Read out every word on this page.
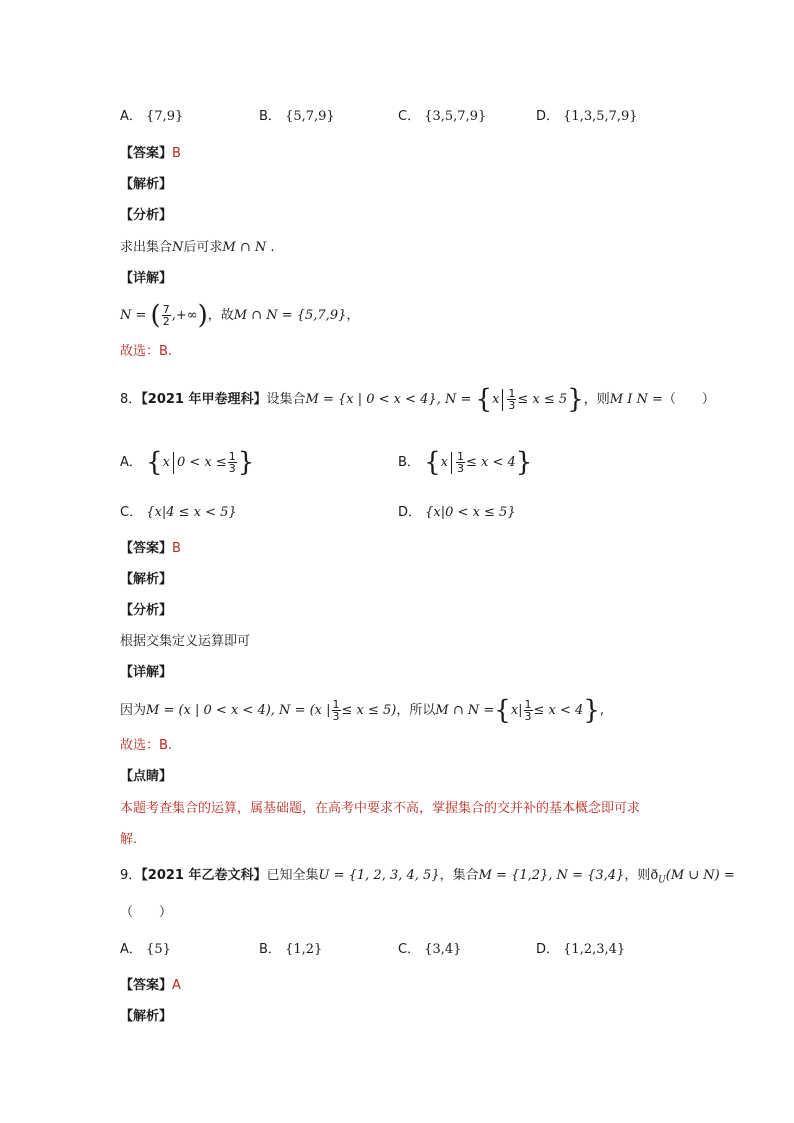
A． {7,9}	B． {5,7,9}	C． {3,5,7,9}	D． {1,3,5,7,9}
【答案】B
【解析】
【分析】
求出集合N后可求M ∩ N .
【详解】
N = ( $\frac{7}{2}$ ,+∞)，故M ∩ N = {5,7,9}，
故选：B.
8．【2021 年甲卷理科】设集合M = {x | 0 < x < 4}, $N = \{x \frac{1}{3} \le x \le 5\}$，则M I N =（　　）
A． {x $0 < x \le \frac{1}{3}$ }	B． $\{x \frac{1}{3} \le x < 4\}$
C． {x|4 ≤ x < 5}	D． {x|0 < x ≤ 5}
【答案】B
【解析】
【分析】
根据交集定义运算即可
【详解】
因为M = (x | 0 < x < 4), N = (x | $\frac{1}{3} \le x \le 5$)，所以M ∩ $N =\{x| \frac{1}{3} \le x < 4\}$,
故选：B.
【点睛】
本题考查集合的运算，属基础题，在高考中要求不高，掌握集合的交并补的基本概念即可求
解.
9．【2021 年乙卷文科】已知全集U = {1, 2, 3, 4, 5}，集合M = {1,2}, N = {3,4}，则$ð_U(M$ ∪ N) =
（　　）
A． {5}	B． {1,2}	C． {3,4}	D． {1,2,3,4}
【答案】A
【解析】
